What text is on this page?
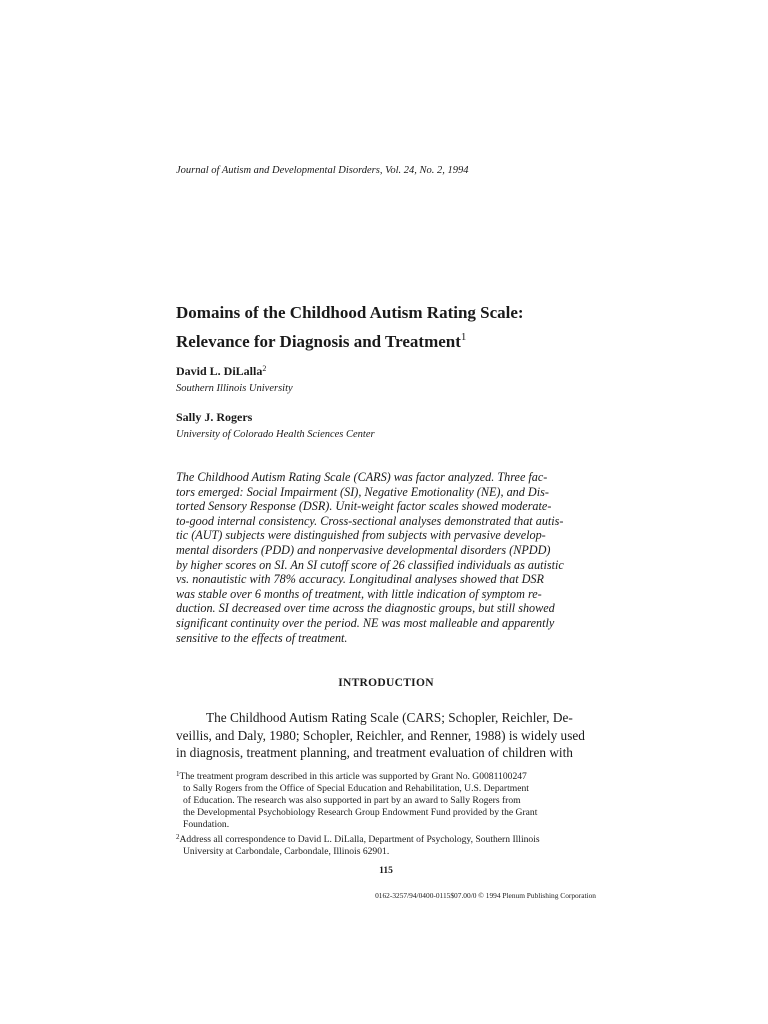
Journal of Autism and Developmental Disorders, Vol. 24, No. 2, 1994
Domains of the Childhood Autism Rating Scale:
Relevance for Diagnosis and Treatment$^1$
David L. DiLalla$^2$
Southern Illinois University
Sally J. Rogers
University of Colorado Health Sciences Center
The Childhood Autism Rating Scale (CARS) was factor analyzed. Three fac-
tors emerged: Social Impairment (SI), Negative Emotionality (NE), and Dis-
torted Sensory Response (DSR). Unit-weight factor scales showed moderate-
to-good internal consistency. Cross-sectional analyses demonstrated that autis-
tic (AUT) subjects were distinguished from subjects with pervasive develop-
mental disorders (PDD) and nonpervasive developmental disorders (NPDD)
by higher scores on SI. An SI cutoff score of 26 classified individuals as autistic
vs. nonautistic with 78% accuracy. Longitudinal analyses showed that DSR
was stable over 6 months of treatment, with little indication of symptom re-
duction. SI decreased over time across the diagnostic groups, but still showed
significant continuity over the period. NE was most malleable and apparently
sensitive to the effects of treatment.
INTRODUCTION
The Childhood Autism Rating Scale (CARS; Schopler, Reichler, De-
veillis, and Daly, 1980; Schopler, Reichler, and Renner, 1988) is widely used
in diagnosis, treatment planning, and treatment evaluation of children with
$^1$The treatment program described in this article was supported by Grant No. G0081100247
to Sally Rogers from the Office of Special Education and Rehabilitation, U.S. Department
of Education. The research was also supported in part by an award to Sally Rogers from
the Developmental Psychobiology Research Group Endowment Fund provided by the Grant
Foundation.
$^2$Address all correspondence to David L. DiLalla, Department of Psychology, Southern Illinois
University at Carbondale, Carbondale, Illinois 62901.
115
0162-3257/94/0400-0115$07.00/0 © 1994 Plenum Publishing Corporation
